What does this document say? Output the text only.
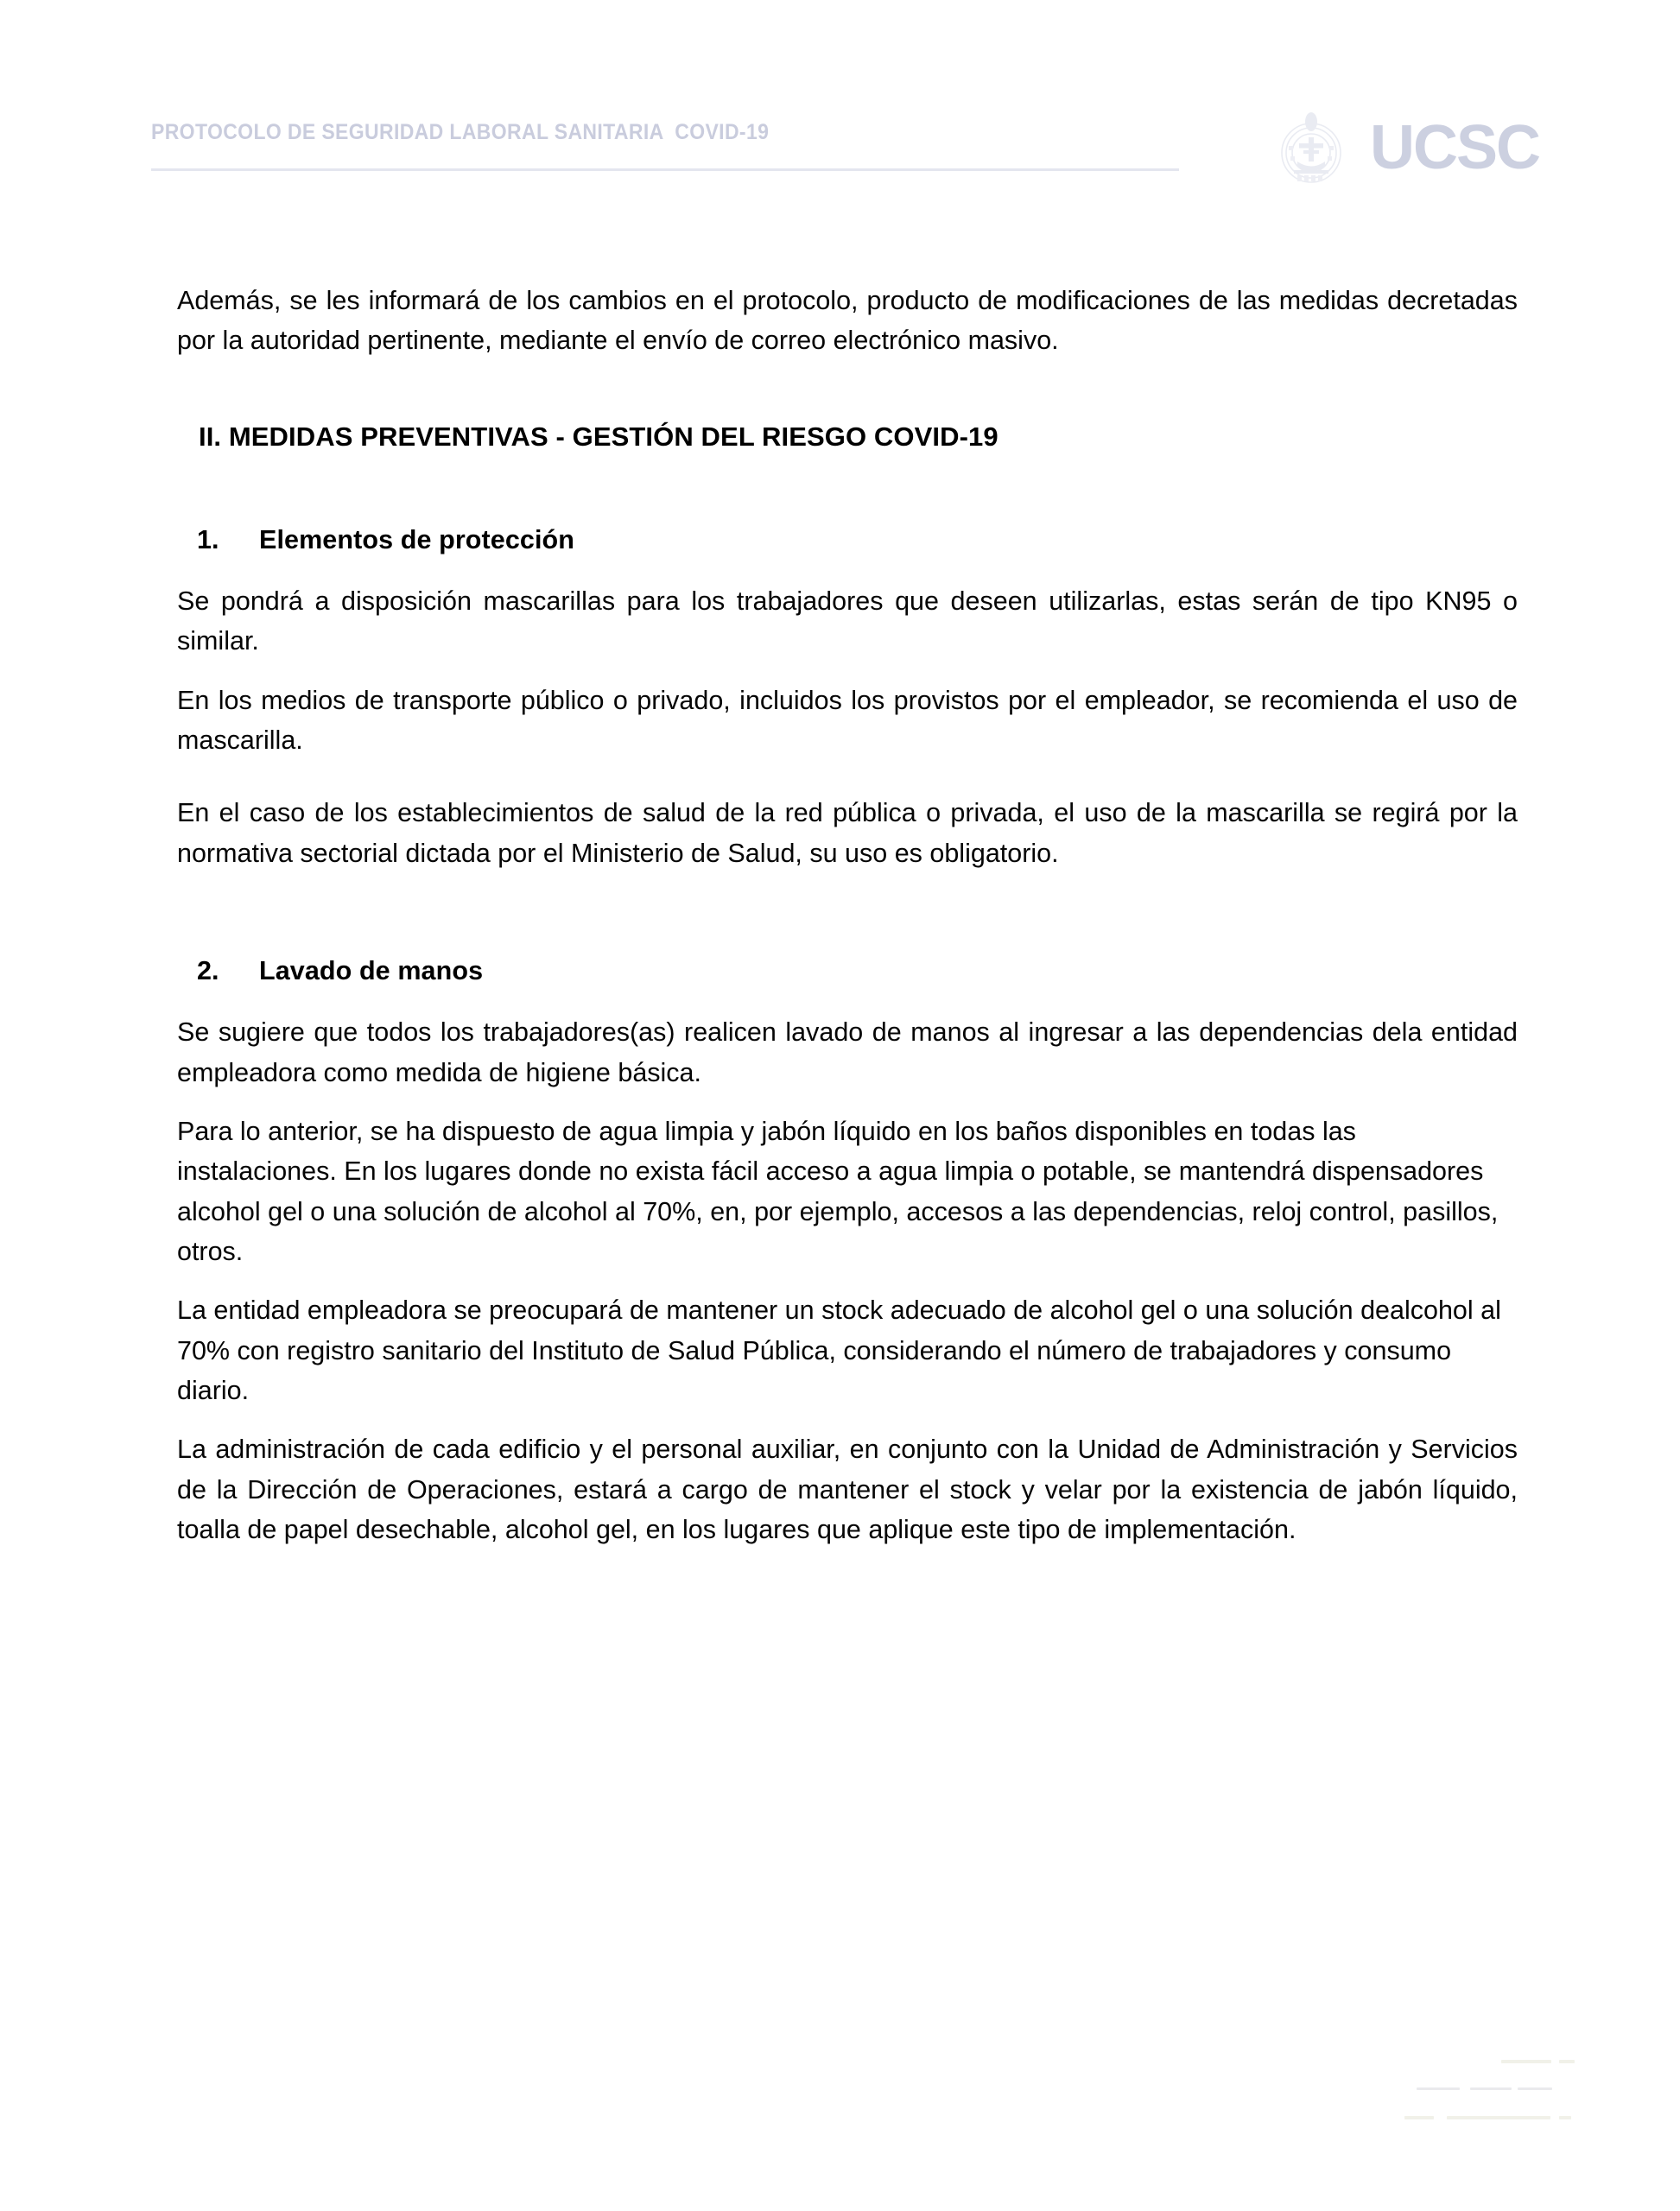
PROTOCOLO DE SEGURIDAD LABORAL SANITARIA  COVID-19	UCSC

Además, se les informará de los cambios en el protocolo, producto de modificaciones de las medidas decretadas por la autoridad pertinente, mediante el envío de correo electrónico masivo.

II. MEDIDAS PREVENTIVAS - GESTIÓN DEL RIESGO COVID-19
1.	Elementos de protección

Se pondrá a disposición mascarillas para los trabajadores que deseen utilizarlas, estas serán de tipo KN95 o similar.

En los medios de transporte público o privado, incluidos los provistos por el empleador, se recomienda el uso de mascarilla.

En el caso de los establecimientos de salud de la red pública o privada, el uso de la mascarilla se regirá por la normativa sectorial dictada por el Ministerio de Salud, su uso es obligatorio.

2.	Lavado de manos

Se sugiere que todos los trabajadores(as) realicen lavado de manos al ingresar a las dependencias dela entidad empleadora como medida de higiene básica.

Para lo anterior, se ha dispuesto de agua limpia y jabón líquido en los baños disponibles en todas las instalaciones. En los lugares donde no exista fácil acceso a agua limpia o potable, se mantendrá dispensadores alcohol gel o una solución de alcohol al 70%, en, por ejemplo, accesos a las dependencias, reloj control, pasillos, otros.

La entidad empleadora se preocupará de mantener un stock adecuado de alcohol gel o una solución dealcohol al 70% con registro sanitario del Instituto de Salud Pública, considerando el número de trabajadores y consumo diario.

La administración de cada edificio y el personal auxiliar, en conjunto con la Unidad de Administración y Servicios de la Dirección de Operaciones, estará a cargo de mantener el stock y velar por la existencia de jabón líquido, toalla de papel desechable, alcohol gel, en los lugares que aplique este tipo de implementación.
